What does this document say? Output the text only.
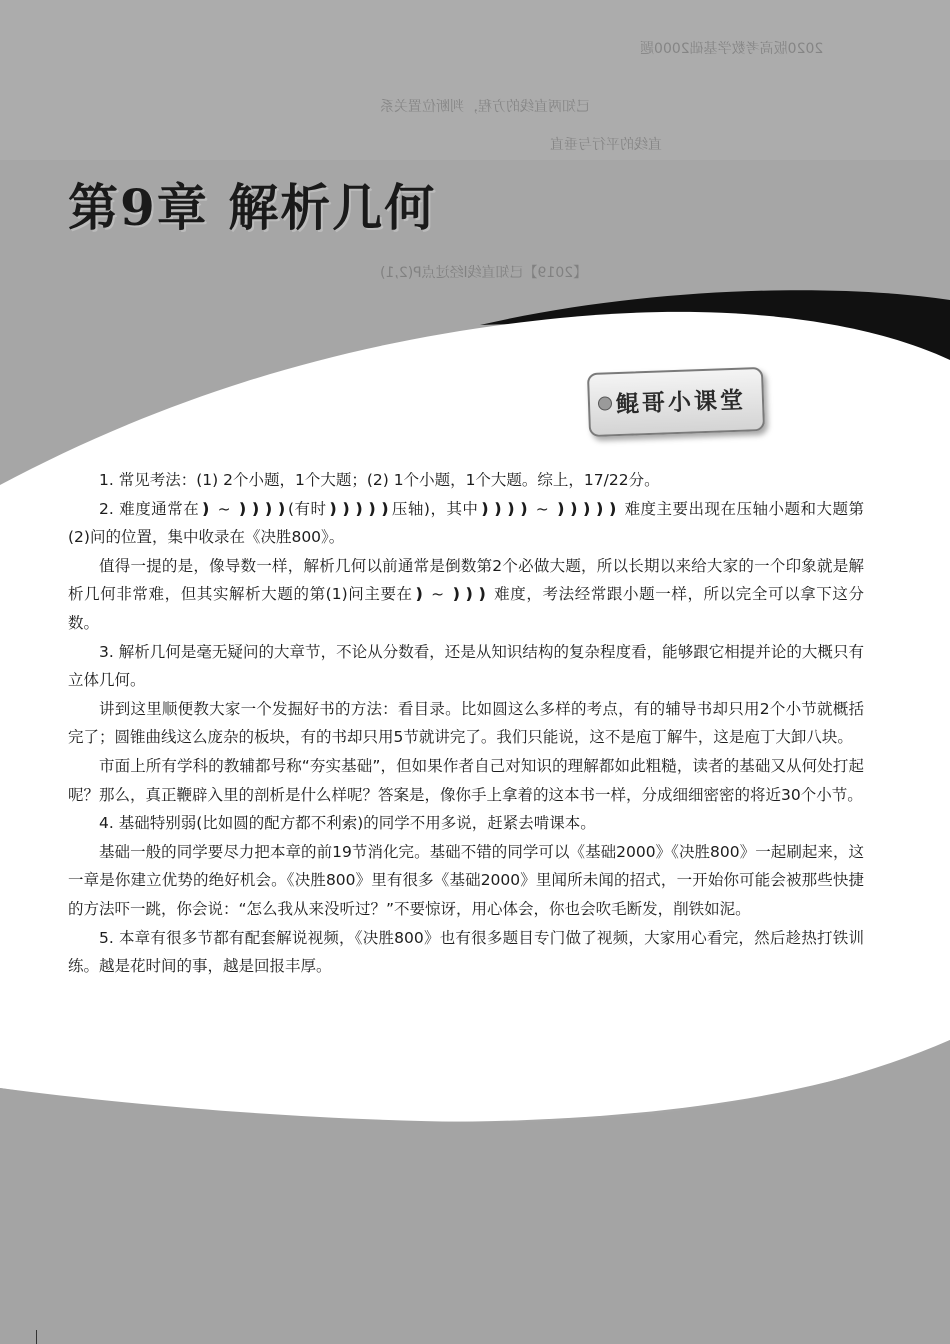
2020版高考数学基础2000题
直线的平行与垂直
已知两直线的方程，判断位置关系
【2019】已知直线l经过点P(2,1)
第9章 解析几何
鲲哥小课堂

1. 常见考法：(1) 2个小题，1个大题；(2) 1个小题，1个大题。综上，17/22分。

2. 难度通常在❫ ~ ❫❫❫❫(有时❫❫❫❫❫压轴)，其中❫❫❫❫ ~ ❫❫❫❫❫ 难度主要出现在压轴小题和大题第(2)问的位置，集中收录在《决胜800》。

值得一提的是，像导数一样，解析几何以前通常是倒数第2个必做大题，所以长期以来给大家的一个印象就是解析几何非常难，但其实解析大题的第(1)问主要在❫ ~ ❫❫❫ 难度，考法经常跟小题一样，所以完全可以拿下这分数。

3. 解析几何是毫无疑问的大章节，不论从分数看，还是从知识结构的复杂程度看，能够跟它相提并论的大概只有立体几何。

讲到这里顺便教大家一个发掘好书的方法：看目录。比如圆这么多样的考点，有的辅导书却只用2个小节就概括完了；圆锥曲线这么庞杂的板块，有的书却只用5节就讲完了。我们只能说，这不是庖丁解牛，这是庖丁大卸八块。

市面上所有学科的教辅都号称“夯实基础”，但如果作者自己对知识的理解都如此粗糙，读者的基础又从何处打起呢？那么，真正鞭辟入里的剖析是什么样呢？答案是，像你手上拿着的这本书一样，分成细细密密的将近30个小节。

4. 基础特别弱(比如圆的配方都不利索)的同学不用多说，赶紧去啃课本。

基础一般的同学要尽力把本章的前19节消化完。基础不错的同学可以《基础2000》《决胜800》一起刷起来，这一章是你建立优势的绝好机会。《决胜800》里有很多《基础2000》里闻所未闻的招式，一开始你可能会被那些快捷的方法吓一跳，你会说：“怎么我从来没听过？”不要惊讶，用心体会，你也会吹毛断发，削铁如泥。

5. 本章有很多节都有配套解说视频，《决胜800》也有很多题目专门做了视频，大家用心看完，然后趁热打铁训练。越是花时间的事，越是回报丰厚。
